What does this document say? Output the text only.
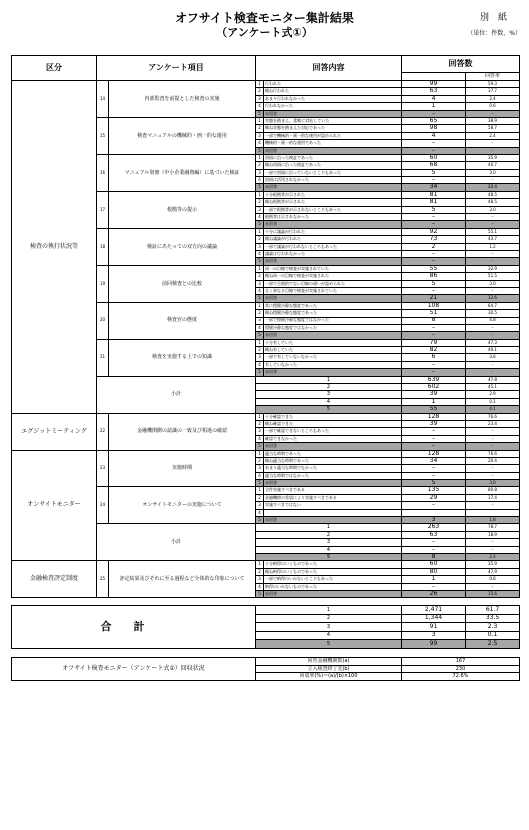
オフサイト検査モニター集計結果
（アンケート式①）
別　紙
（単位：件数、%）
区分	アンケート項目		回答内容		回答数	
						回答率
検査の執行状況等	14	内部監査を前提とした検査の実施	1	行われた	99	59.3
			2	概ね行われた	63	37.7
			3	あまり行われなかった	4	2.4
			4	行われなかった	1	0.6
			5	未回答	–	–
	15	検査マニュアルの機械的・画一的な運用	1	実態を踏まえ、柔軟に対応していた	65	38.9
			2	概ね実態を踏まえた対応であった	98	58.7
			3	一部で機械的・画一的な運用が認められた	4	2.4
			4	機械的・画一的な運用であった	–	–
			5	未回答	–	–
	16	マニュアル別冊（中小企業融資編）に基づいた検証	1	別冊に沿った検証であった	60	35.9
			2	概ね別冊に沿った検証であった	68	40.7
			3	一部で別冊に沿っていないところもあった	5	3.0
			4	別冊は活用されなかった	–	–
			5	未回答	34	20.4
	17	根拠等の提示	1	十分根拠等が示された	81	48.5
			2	概ね根拠等が示された	81	48.5
			3	一部で根拠等が示されないところもあった	5	3.0
			4	根拠等は示されなかった	–	–
			5	未回答	–	–
	18	検証にあたっての双方向の議論	1	十分に議論が行われた	92	55.1
			2	概ね議論が行われた	73	43.7
			3	一部で議論が行われないところもあった	2	1.2
			4	議論は行われなかった	–	–
			5	未回答	–	–
	19	前回検査との比較	1	同一の目線で検査が実施されていた	55	32.9
			2	概ね同一の目線で検査が実施された	86	51.5
			3	一部で合理的でない目線の違いが認められた	5	3.0
			4	全く異なる目線で検査が実施されていた	–	–
			5	未回答	21	12.6
	20	検査官の態度	1	常に穏健冷静な態度であった	108	64.7
			2	概ね穏健冷静な態度であった	51	30.5
			3	一部で穏健冷静な態度ではなかった	8	4.8
			4	穏健冷静な態度ではなかった	–	–
			5	未回答	–	–
	21	検査を実施する上での知識	1	十分有していた	79	47.3
			2	概ね有していた	82	49.1
			3	一部で有していないなかった	6	3.6
			4	有していなかった	–	–
			5	未回答	–	–
	小計		1		639	47.8
			2		602	45.1
			3		39	2.9
			4		1	0.1
			5		55	4.1
エグジットミーティング	22	金融機関側の認識の一致及び相違の確認	1	十分確認できた	128	76.6
			2	概ね確認できた	39	23.4
			3	一部で確認できないところもあった	–	–
			4	確認できなかった	–	–
			5	未回答	–	–
オンサイトモニター	23	実施時期	1	適当な時期であった	128	76.6
			2	概ね適当な時期であった	34	20.4
			3	あまり適当な時期でなかった	–	–
			4	適当な時期ではなかった	–	–
			5	未回答	5	3.0
	24	オンサイトモニターの実施について	1	全件実施すべきである	135	80.8
			2	金融機関の希望により実施すべきである	29	17.4
			3	実施すべきではない	–	–
			4			
			5	未回答	3	1.8
	小計		1		263	78.7
			2		63	18.9
			3		–	–
			4		–	–
			5		8	2.4
金融検査評定制度	25	評定結果及びそれに至る過程など全体的な印象について	1	十分納得のいくものであった	60	35.9
			2	概ね納得のいくものであった	80	47.9
			3	一部で納得のいかないところもあった	1	0.6
			4	納得のいかないものであった	–	–
			5	未回答	26	15.6
合計	1	2,471	61.7
	2	1,344	33.5
	3	91	2.3
	4	3	0.1
	5	99	2.5
オフサイト検査モニター（アンケート式①）回収状況	回答金融機関数(a)	167
	立入検査終了先(b)	230
	回収率(%)＝(a)/(b)×100	72.6%
